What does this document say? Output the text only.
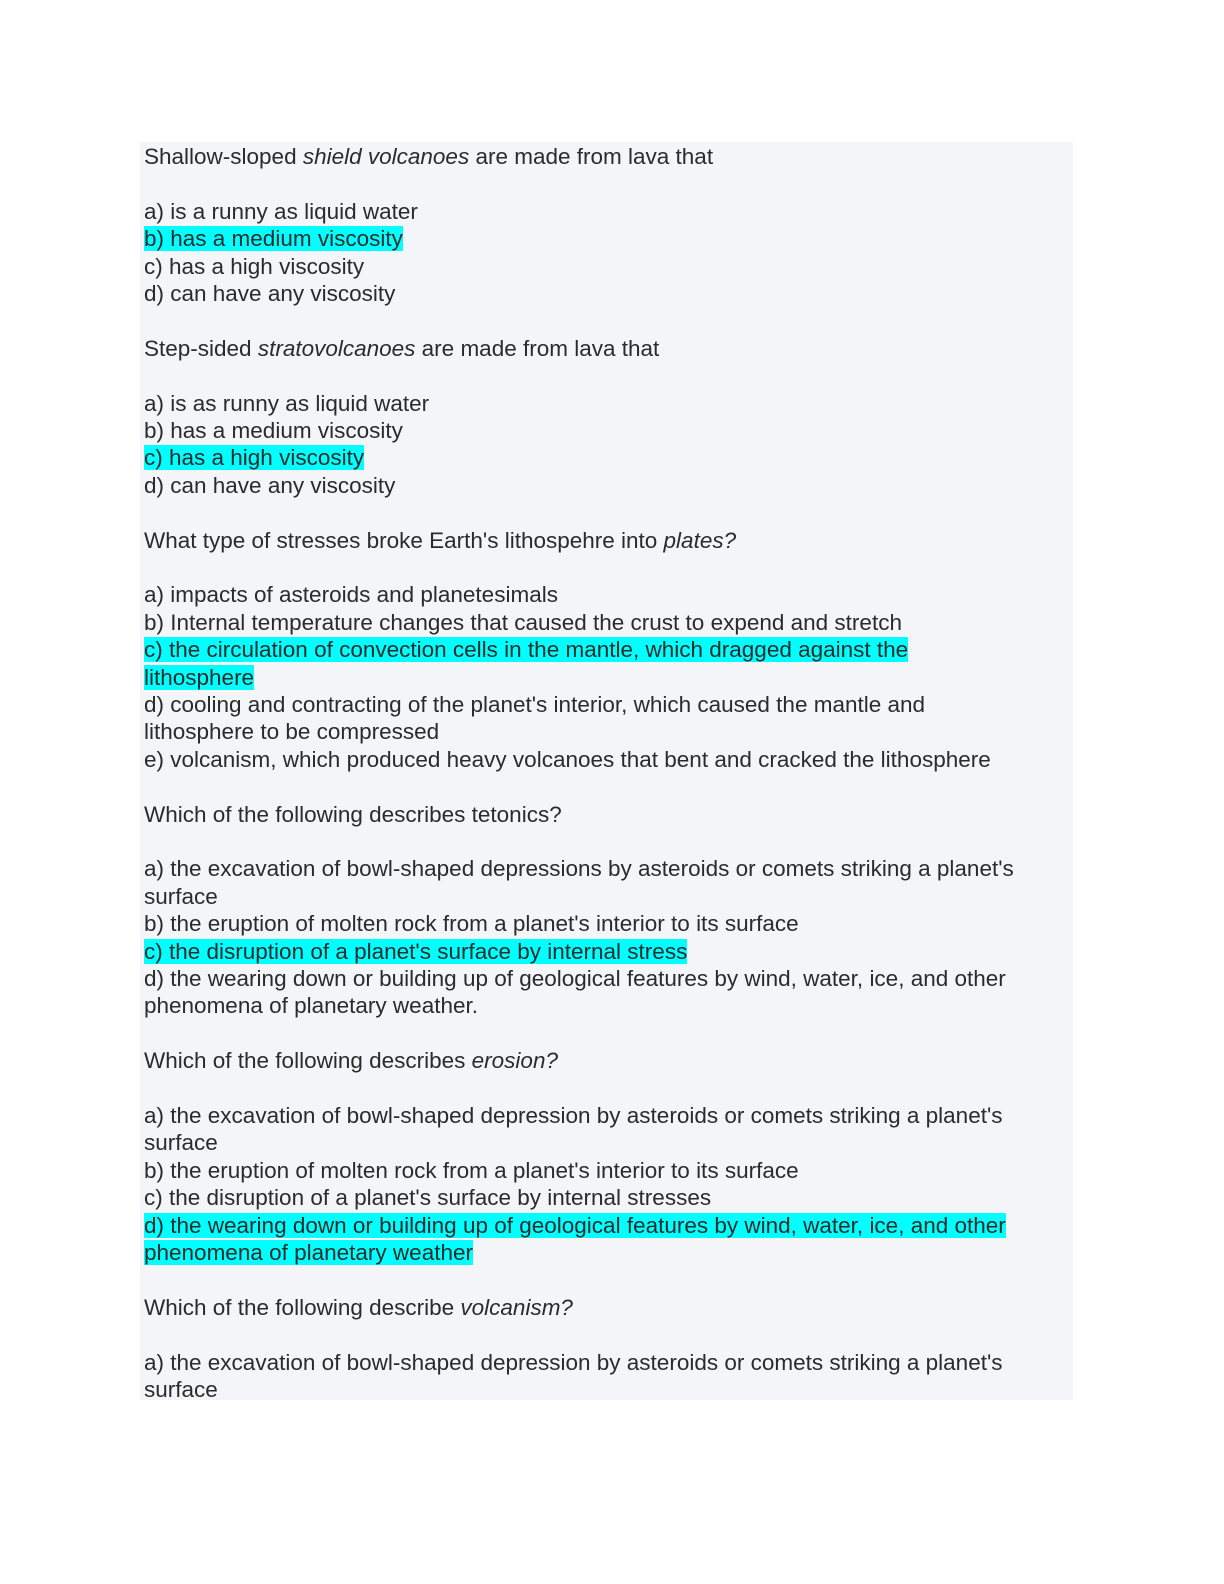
Shallow-sloped shield volcanoes are made from lava that
a) is a runny as liquid water
b) has a medium viscosity
c) has a high viscosity
d) can have any viscosity
Step-sided stratovolcanoes are made from lava that
a) is as runny as liquid water
b) has a medium viscosity
c) has a high viscosity
d) can have any viscosity
What type of stresses broke Earth's lithospehre into plates?
a) impacts of asteroids and planetesimals
b) Internal temperature changes that caused the crust to expend and stretch
c) the circulation of convection cells in the mantle, which dragged against the
lithosphere
d) cooling and contracting of the planet's interior, which caused the mantle and
lithosphere to be compressed
e) volcanism, which produced heavy volcanoes that bent and cracked the lithosphere
Which of the following describes tetonics?
a) the excavation of bowl-shaped depressions by asteroids or comets striking a planet's
surface
b) the eruption of molten rock from a planet's interior to its surface
c) the disruption of a planet's surface by internal stress
d) the wearing down or building up of geological features by wind, water, ice, and other
phenomena of planetary weather.
Which of the following describes erosion?
a) the excavation of bowl-shaped depression by asteroids or comets striking a planet's
surface
b) the eruption of molten rock from a planet's interior to its surface
c) the disruption of a planet's surface by internal stresses
d) the wearing down or building up of geological features by wind, water, ice, and other
phenomena of planetary weather
Which of the following describe volcanism?
a) the excavation of bowl-shaped depression by asteroids or comets striking a planet's
surface
